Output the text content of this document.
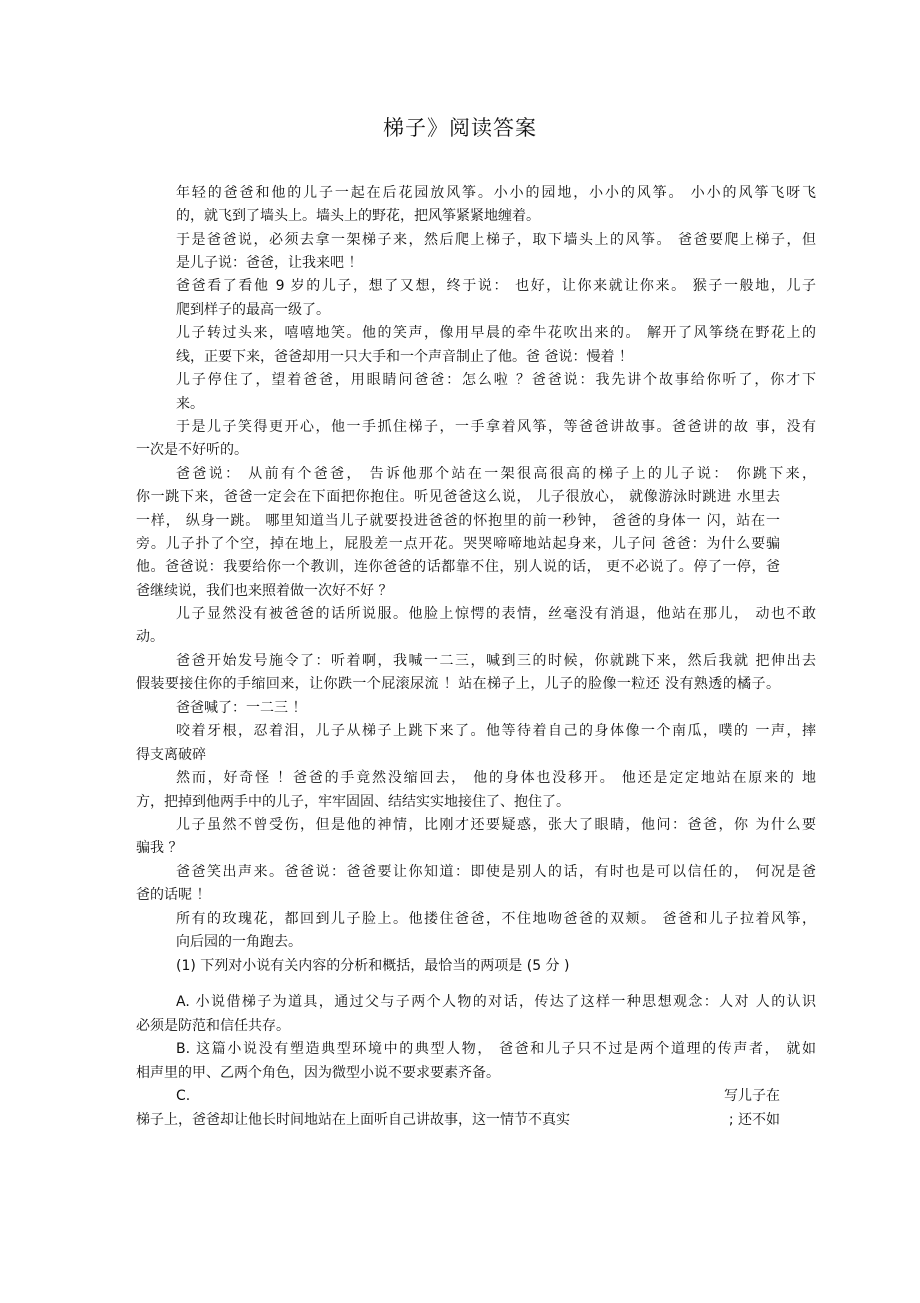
梯子》阅读答案
年轻的爸爸和他的儿子一起在后花园放风筝。小小的园地，小小的风筝。 小小的风筝飞呀飞
的，就飞到了墙头上。墙头上的野花，把风筝紧紧地缠着。
于是爸爸说，必须去拿一架梯子来，然后爬上梯子，取下墙头上的风筝。 爸爸要爬上梯子，但
是儿子说：爸爸，让我来吧 ！
爸爸看了看他 9 岁的儿子，想了又想，终于说： 也好，让你来就让你来。 猴子一般地，儿子
爬到样子的最高一级了。
儿子转过头来，嘻嘻地笑。他的笑声，像用早晨的牵牛花吹出来的。 解开了风筝绕在野花上的
线，正要下来，爸爸却用一只大手和一个声音制止了他。爸 爸说：慢着 ！
儿子停住了，望着爸爸，用眼睛问爸爸：怎么啦 ？爸爸说：我先讲个故事给你听了，你才下
来。
于是儿子笑得更开心，他一手抓住梯子，一手拿着风筝，等爸爸讲故事。爸爸讲的故 事，没有
一次是不好听的。
爸爸说： 从前有个爸爸， 告诉他那个站在一架很高很高的梯子上的儿子说： 你跳下来，
你一跳下来，爸爸一定会在下面把你抱住。听见爸爸这么说， 儿子很放心， 就像游泳时跳进 水里去
一样， 纵身一跳。 哪里知道当儿子就要投进爸爸的怀抱里的前一秒钟， 爸爸的身体一 闪，站在一
旁。儿子扑了个空，掉在地上，屁股差一点开花。哭哭啼啼地站起身来，儿子问 爸爸：为什么要骗
他。爸爸说：我要给你一个教训，连你爸爸的话都靠不住，别人说的话， 更不必说了。停了一停，爸
爸继续说，我们也来照着做一次好不好 ？
儿子显然没有被爸爸的话所说服。他脸上惊愕的表情，丝毫没有消退，他站在那儿， 动也不敢
动。
爸爸开始发号施令了：听着啊，我喊一二三，喊到三的时候，你就跳下来，然后我就 把伸出去
假装要接住你的手缩回来，让你跌一个屁滚尿流 ！站在梯子上，儿子的脸像一粒还 没有熟透的橘子。
爸爸喊了：一二三 ！
咬着牙根，忍着泪，儿子从梯子上跳下来了。他等待着自己的身体像一个南瓜，噗的 一声，摔
得支离破碎
然而，好奇怪 ！爸爸的手竟然没缩回去， 他的身体也没移开。 他还是定定地站在原来的 地
方，把掉到他两手中的儿子，牢牢固固、结结实实地接住了、抱住了。
儿子虽然不曾受伤，但是他的神情，比刚才还要疑惑，张大了眼睛，他问：爸爸，你 为什么要
骗我 ？
爸爸笑出声来。爸爸说：爸爸要让你知道：即使是别人的话，有时也是可以信任的， 何况是爸
爸的话呢 ！
所有的玫瑰花，都回到儿子脸上。他搂住爸爸，不住地吻爸爸的双颊。 爸爸和儿子拉着风筝，
向后园的一角跑去。
(1) 下列对小说有关内容的分析和概括，最恰当的两项是 (5 分 )
A. 小说借梯子为道具，通过父与子两个人物的对话，传达了这样一种思想观念：人对 人的认识
必须是防范和信任共存。
B. 这篇小说没有塑造典型环境中的典型人物， 爸爸和儿子只不过是两个道理的传声者， 就如
相声里的甲、乙两个角色，因为微型小说不要求要素齐备。
C.	写儿子在
梯子上，爸爸却让他长时间地站在上面听自己讲故事，这一情节不真实	; 还不如
